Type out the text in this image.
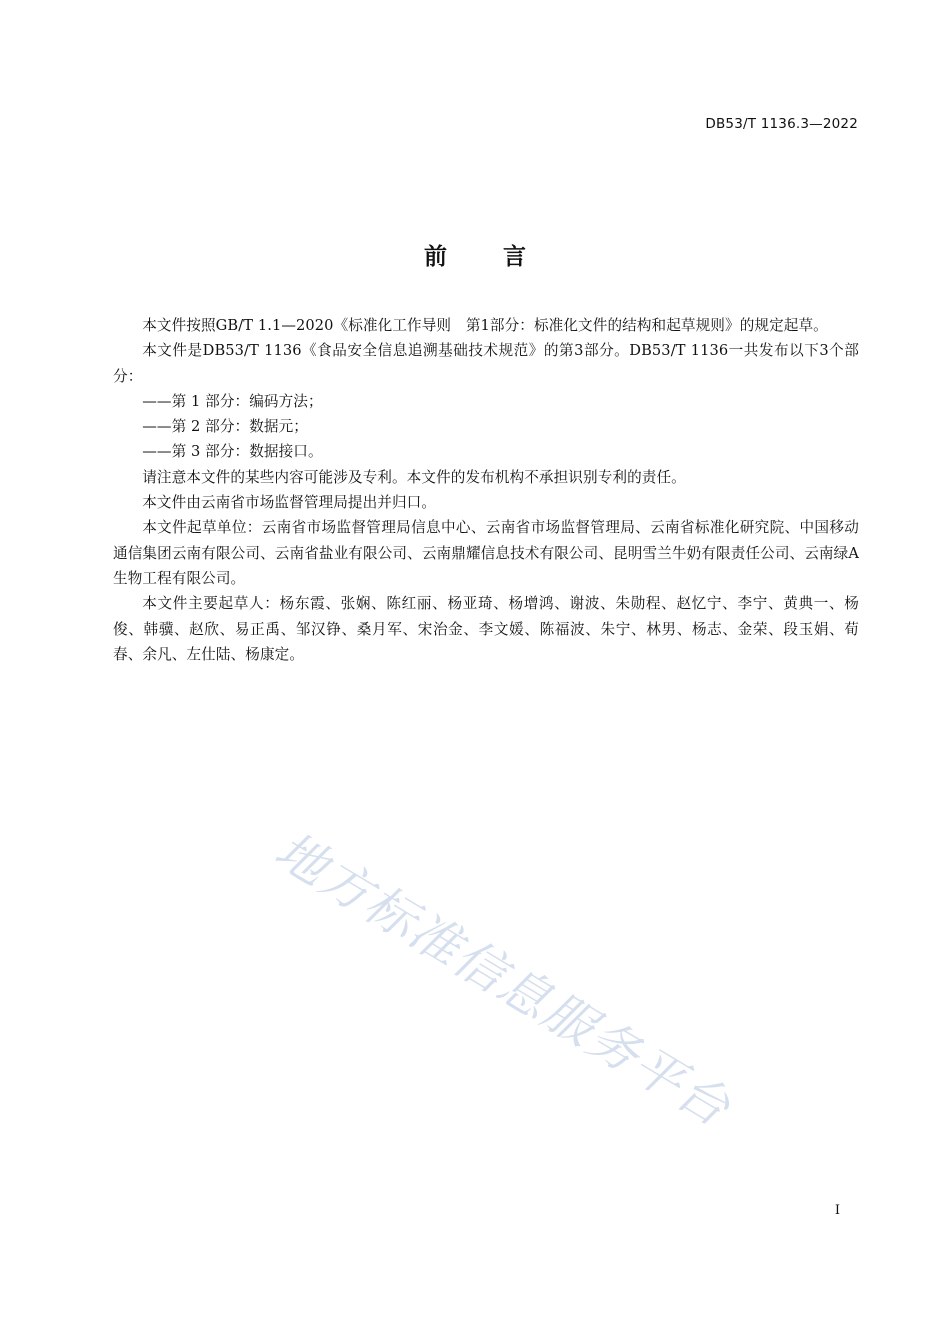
DB53/T 1136.3—2022
前言

本文件按照GB/T 1.1—2020《标准化工作导则　第1部分：标准化文件的结构和起草规则》的规定起草。

本文件是DB53/T 1136《食品安全信息追溯基础技术规范》的第3部分。DB53/T 1136一共发布以下3个部分：

——第 1 部分：编码方法；

——第 2 部分：数据元；

——第 3 部分：数据接口。

请注意本文件的某些内容可能涉及专利。本文件的发布机构不承担识别专利的责任。

本文件由云南省市场监督管理局提出并归口。

本文件起草单位：云南省市场监督管理局信息中心、云南省市场监督管理局、云南省标准化研究院、中国移动通信集团云南有限公司、云南省盐业有限公司、云南鼎耀信息技术有限公司、昆明雪兰牛奶有限责任公司、云南绿A生物工程有限公司。

本文件主要起草人：杨东霞、张娴、陈红丽、杨亚琦、杨增鸿、谢波、朱勋程、赵忆宁、李宁、黄典一、杨俊、韩骥、赵欣、易正禹、邹汉铮、桑月军、宋治金、李文媛、陈福波、朱宁、林男、杨志、金荣、段玉娟、荀春、余凡、左仕陆、杨康定。

地方标准信息服务平台
I
